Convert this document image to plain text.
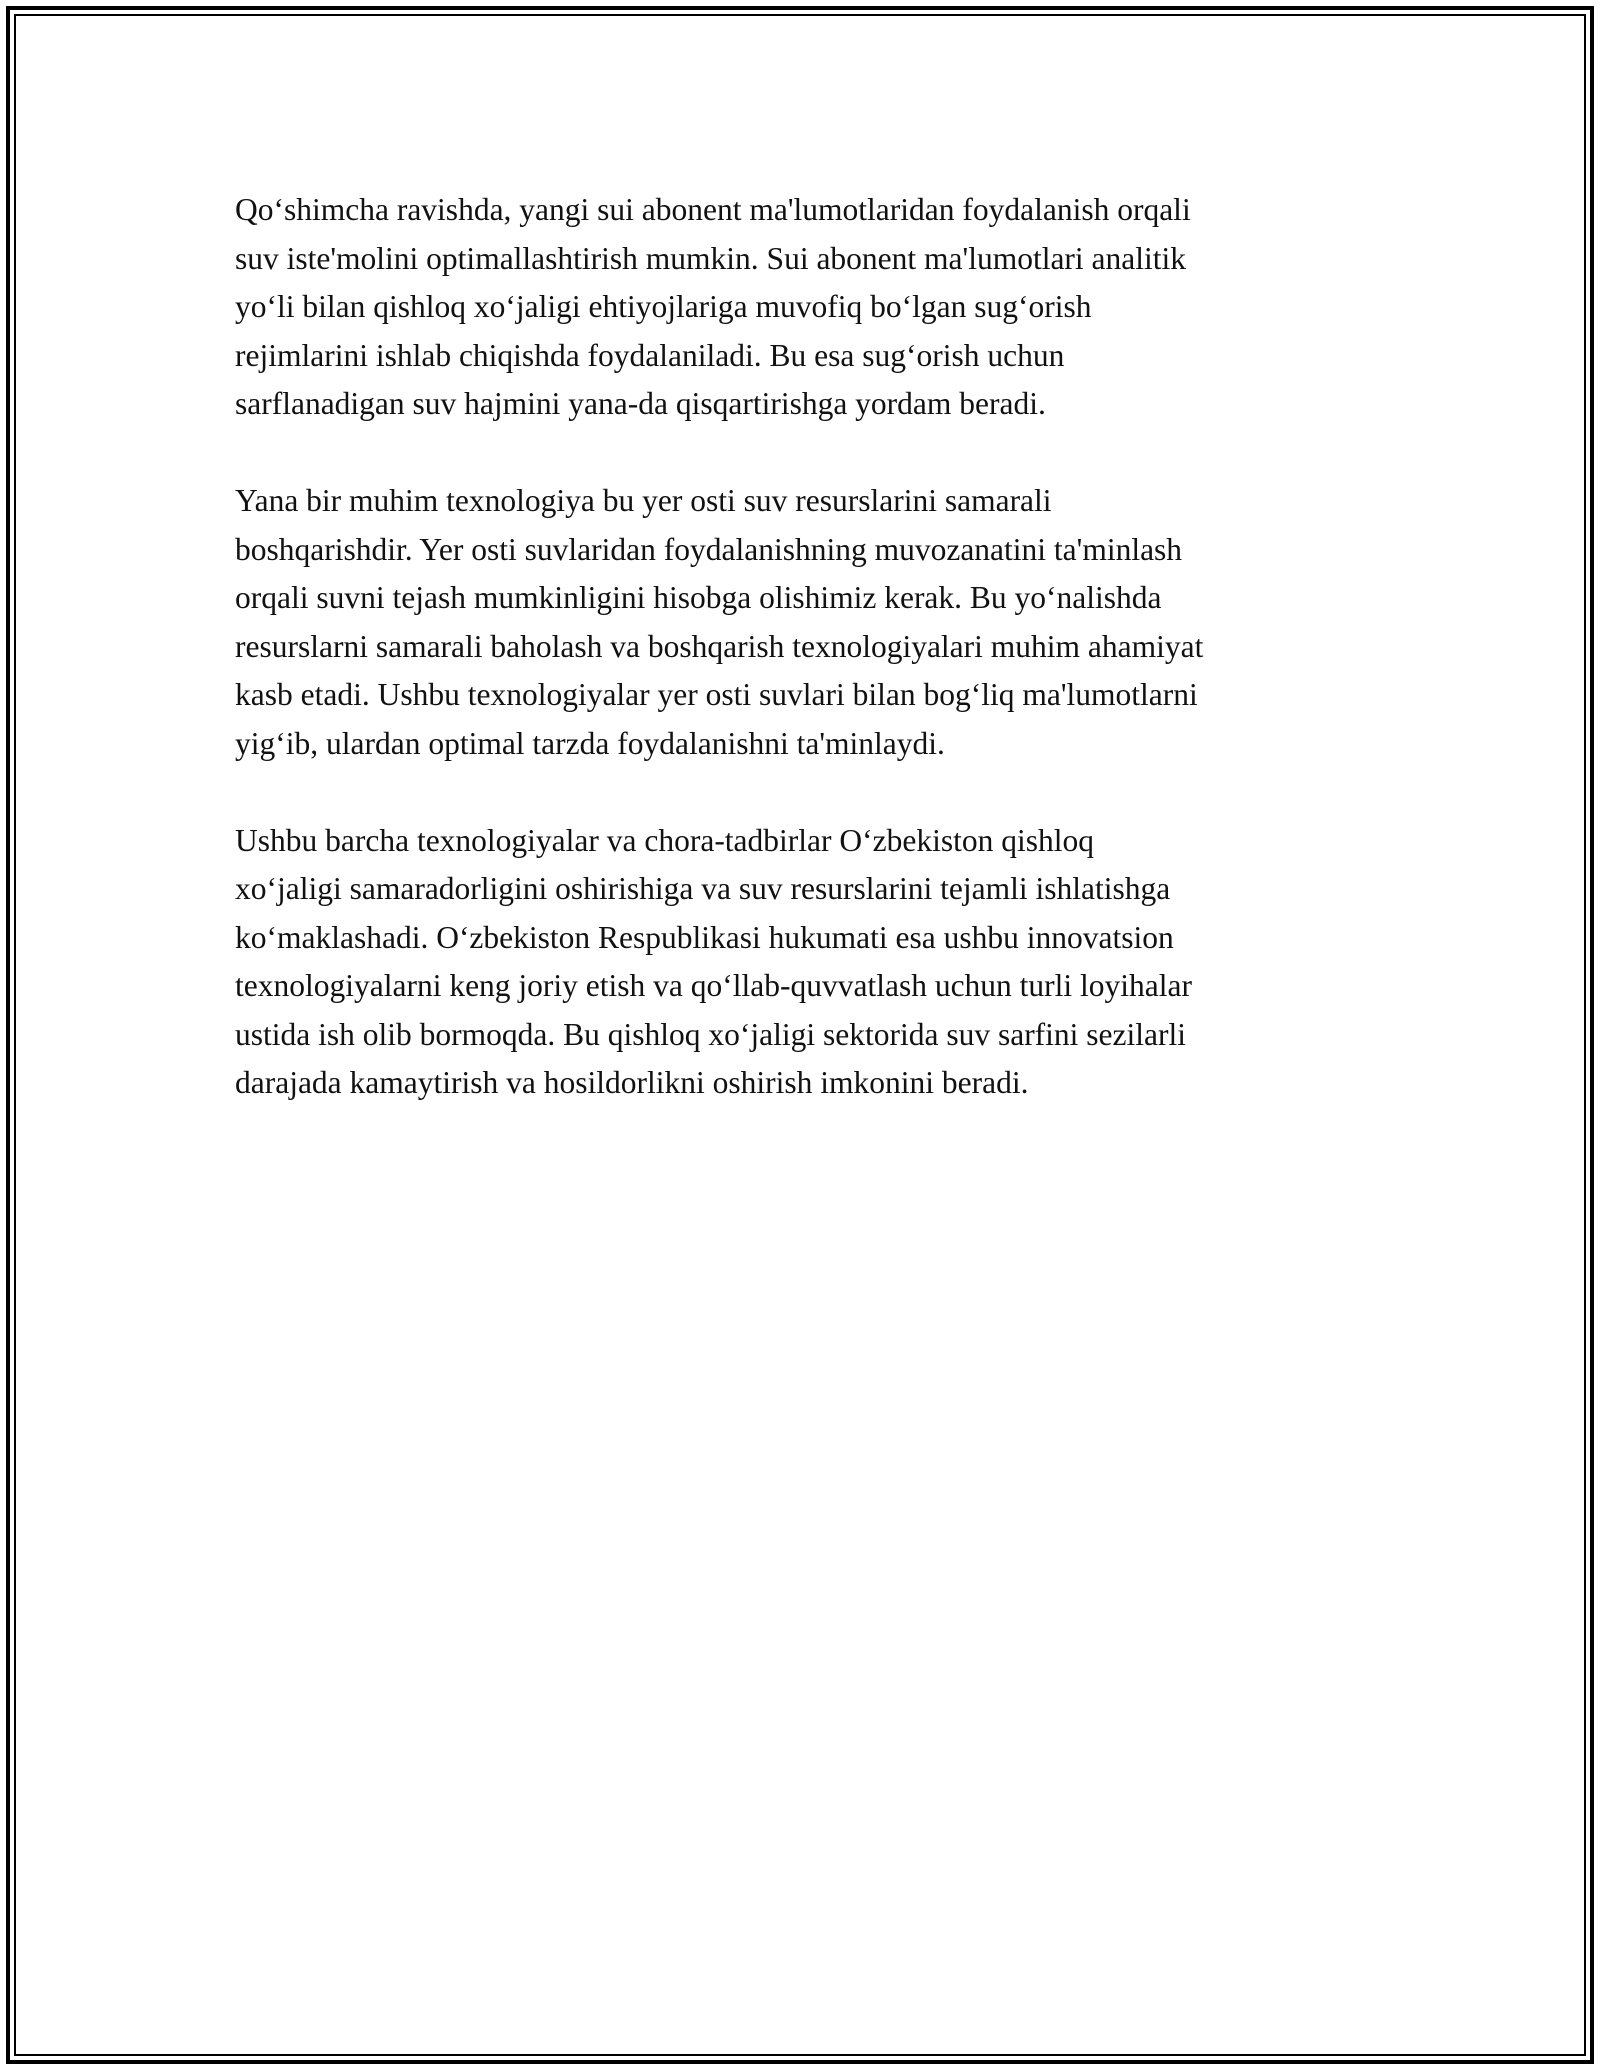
Qo‘shimcha ravishda, yangi sui abonent ma'lumotlaridan foydalanish orqali
suv iste'molini optimallashtirish mumkin. Sui abonent ma'lumotlari analitik
yo‘li bilan qishloq xo‘jaligi ehtiyojlariga muvofiq bo‘lgan sug‘orish
rejimlarini ishlab chiqishda foydalaniladi. Bu esa sug‘orish uchun
sarflanadigan suv hajmini yana-da qisqartirishga yordam beradi.

Yana bir muhim texnologiya bu yer osti suv resurslarini samarali
boshqarishdir. Yer osti suvlaridan foydalanishning muvozanatini ta'minlash
orqali suvni tejash mumkinligini hisobga olishimiz kerak. Bu yo‘nalishda
resurslarni samarali baholash va boshqarish texnologiyalari muhim ahamiyat
kasb etadi. Ushbu texnologiyalar yer osti suvlari bilan bog‘liq ma'lumotlarni
yig‘ib, ulardan optimal tarzda foydalanishni ta'minlaydi.

Ushbu barcha texnologiyalar va chora-tadbirlar O‘zbekiston qishloq
xo‘jaligi samaradorligini oshirishiga va suv resurslarini tejamli ishlatishga
ko‘maklashadi. O‘zbekiston Respublikasi hukumati esa ushbu innovatsion
texnologiyalarni keng joriy etish va qo‘llab-quvvatlash uchun turli loyihalar
ustida ish olib bormoqda. Bu qishloq xo‘jaligi sektorida suv sarfini sezilarli
darajada kamaytirish va hosildorlikni oshirish imkonini beradi.
